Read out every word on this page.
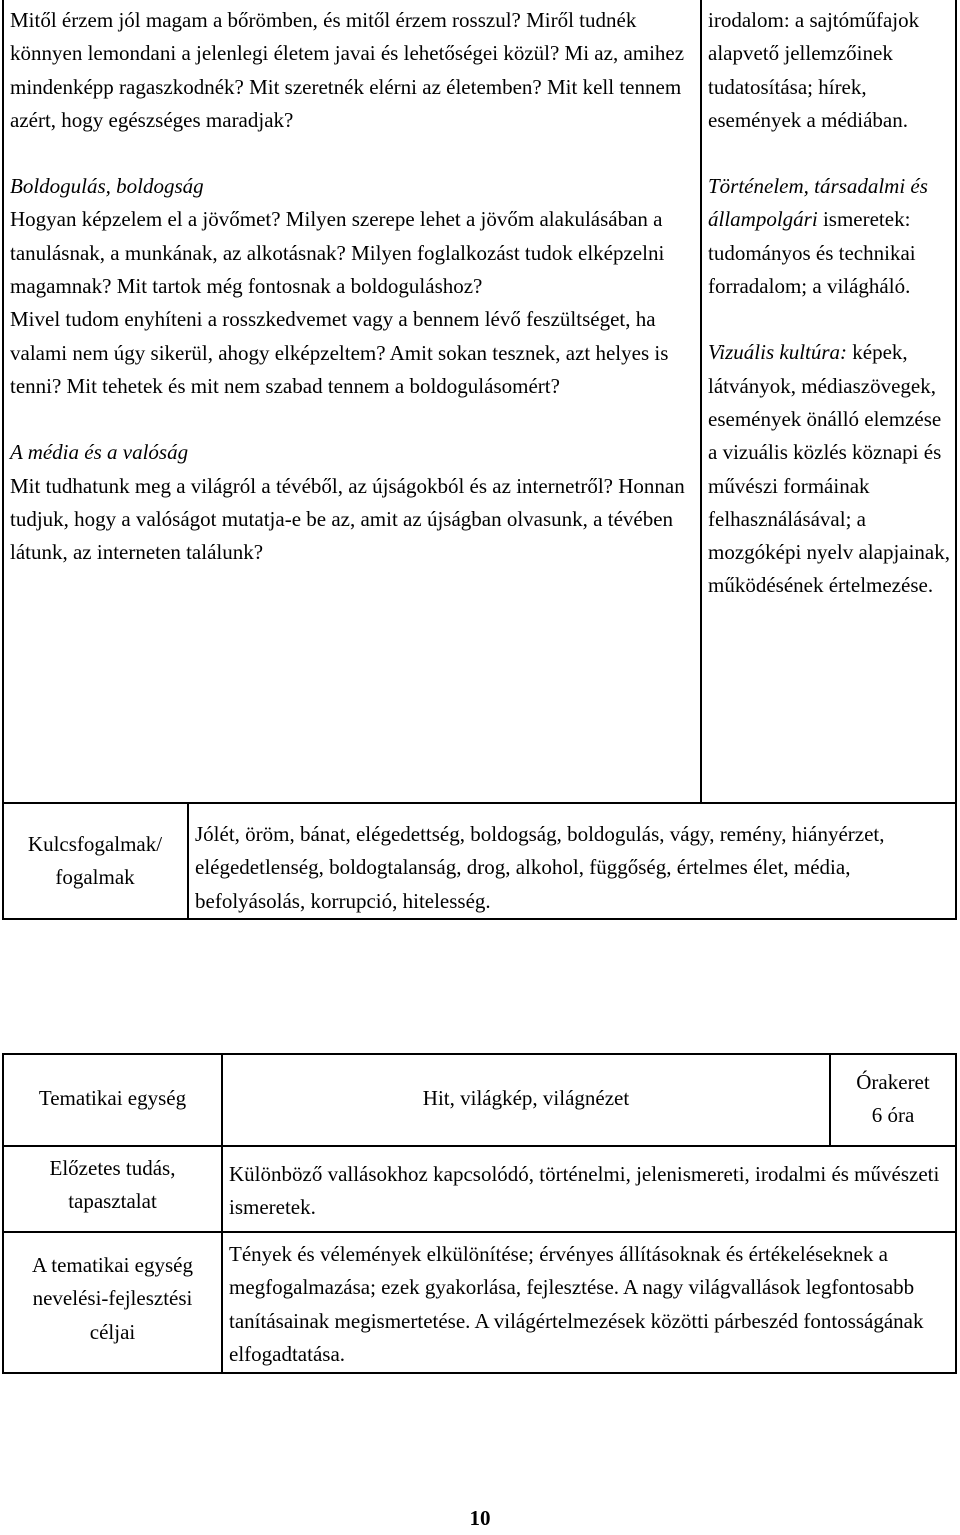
Mitől érzem jól magam a bőrömben, és mitől érzem rosszul? Miről tudnék könnyen lemondani a jelenlegi életem javai és lehetőségei közül? Mi az, amihez mindenképp ragaszkodnék? Mit szeretnék elérni az életemben? Mit kell tennem azért, hogy egészséges maradjak?

Boldogulás, boldogság

Hogyan képzelem el a jövőmet? Milyen szerepe lehet a jövőm alakulásában a tanulásnak, a munkának, az alkotásnak? Milyen foglalkozást tudok elképzelni magamnak? Mit tartok még fontosnak a boldoguláshoz?

Mivel tudom enyhíteni a rosszkedvemet vagy a bennem lévő feszültséget, ha valami nem úgy sikerül, ahogy elképzeltem? Amit sokan tesznek, azt helyes is tenni? Mit tehetek és mit nem szabad tennem a boldogulásomért?

A média és a valóság

Mit tudhatunk meg a világról a tévéből, az újságokból és az internetről? Honnan tudjuk, hogy a valóságot mutatja-e be az, amit az újságban olvasunk, a tévében látunk, az interneten találunk?

irodalom: a sajtóműfajok alapvető jellemzőinek tudatosítása; hírek, események a médiában.

Történelem, társadalmi és állampolgári ismeretek: tudományos és technikai forradalom; a világháló.

Vizuális kultúra: képek, látványok, médiaszövegek, események önálló elemzése a vizuális közlés köznapi és művészi formáinak felhasználásával; a mozgóképi nyelv alapjainak, működésének értelmezése.

Kulcsfogalmak/ fogalmak
Jólét, öröm, bánat, elégedettség, boldogság, boldogulás, vágy, remény, hiányérzet, elégedetlenség, boldogtalanság, drog, alkohol, függőség, értelmes élet, média, befolyásolás, korrupció, hitelesség.
Tematikai egység	Hit, világkép, világnézet
Órakeret
6 óra
Előzetes tudás, tapasztalat
Különböző vallásokhoz kapcsolódó, történelmi, jelenismereti, irodalmi és művészeti ismeretek.
A tematikai egység nevelési-fejlesztési céljai
Tények és vélemények elkülönítése; érvényes állításoknak és értékeléseknek a megfogalmazása; ezek gyakorlása, fejlesztése. A nagy világvallások legfontosabb tanításainak megismertetése. A világértelmezések közötti párbeszéd fontosságának elfogadtatása.
10
